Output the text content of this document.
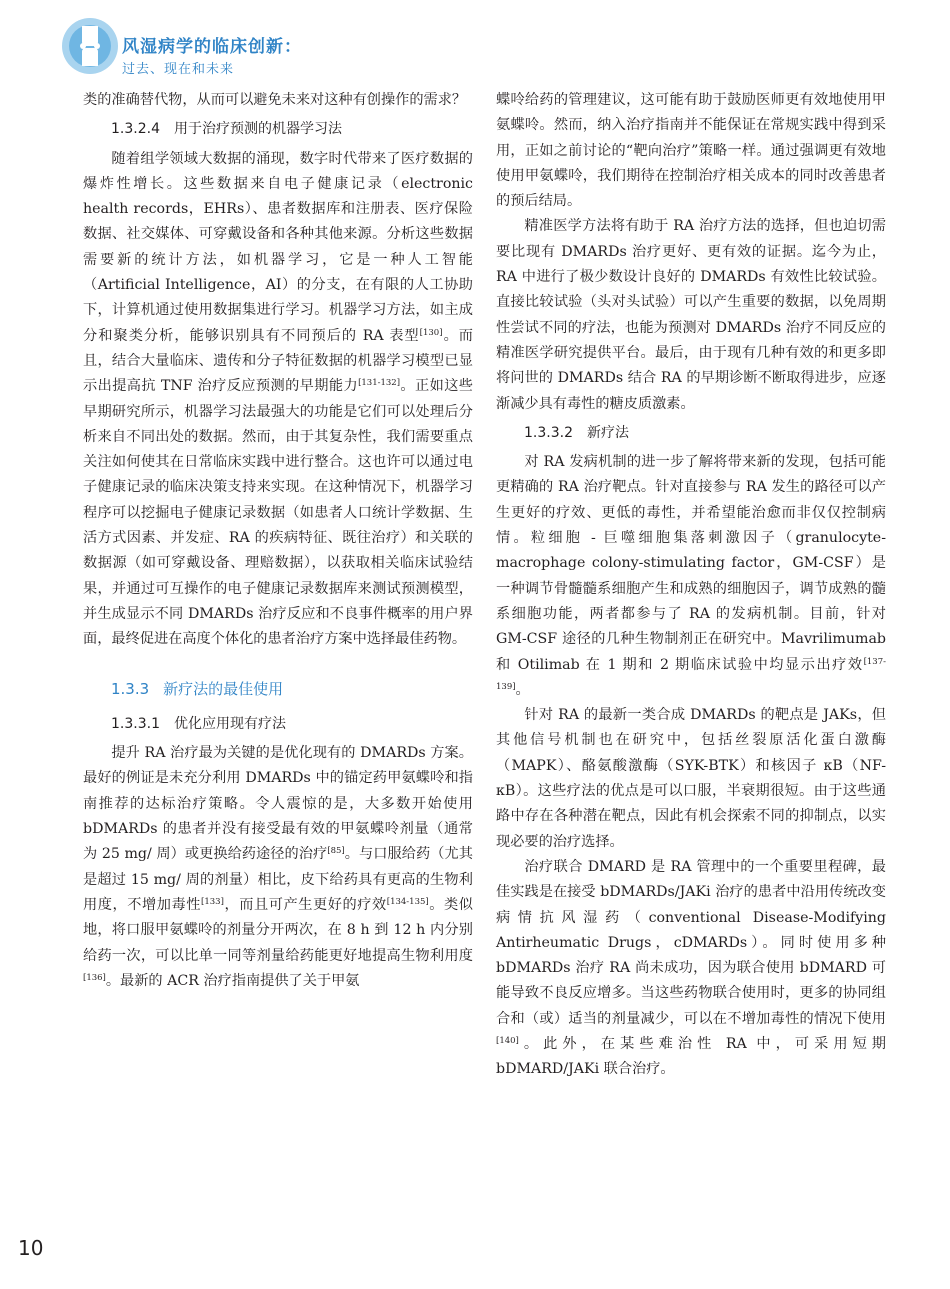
风湿病学的临床创新：

过去、现在和未来

类的准确替代物，从而可以避免未来对这种有创操作的需求？

1.3.2.4 用于治疗预测的机器学习法

随着组学领域大数据的涌现，数字时代带来了医疗数据的爆炸性增长。这些数据来自电子健康记录（electronic health records，EHRs）、患者数据库和注册表、医疗保险数据、社交媒体、可穿戴设备和各种其他来源。分析这些数据需要新的统计方法，如机器学习，它是一种人工智能（Artificial Intelligence，AI）的分支，在有限的人工协助下，计算机通过使用数据集进行学习。机器学习方法，如主成分和聚类分析，能够识别具有不同预后的 RA 表型[130]。而且，结合大量临床、遗传和分子特征数据的机器学习模型已显示出提高抗 TNF 治疗反应预测的早期能力[131-132]。正如这些早期研究所示，机器学习法最强大的功能是它们可以处理后分析来自不同出处的数据。然而，由于其复杂性，我们需要重点关注如何使其在日常临床实践中进行整合。这也许可以通过电子健康记录的临床决策支持来实现。在这种情况下，机器学习程序可以挖掘电子健康记录数据（如患者人口统计学数据、生活方式因素、并发症、RA 的疾病特征、既往治疗）和关联的数据源（如可穿戴设备、理赔数据），以获取相关临床试验结果，并通过可互操作的电子健康记录数据库来测试预测模型，并生成显示不同 DMARDs 治疗反应和不良事件概率的用户界面，最终促进在高度个体化的患者治疗方案中选择最佳药物。

1.3.3 新疗法的最佳使用
1.3.3.1 优化应用现有疗法

提升 RA 治疗最为关键的是优化现有的 DMARDs 方案。最好的例证是未充分利用 DMARDs 中的锚定药甲氨蝶呤和指南推荐的达标治疗策略。令人震惊的是，大多数开始使用 bDMARDs 的患者并没有接受最有效的甲氨蝶呤剂量（通常为 25 mg/ 周）或更换给药途径的治疗[85]。与口服给药（尤其是超过 15 mg/ 周的剂量）相比，皮下给药具有更高的生物利用度，不增加毒性[133]，而且可产生更好的疗效[134-135]。类似地，将口服甲氨蝶呤的剂量分开两次，在 8 h 到 12 h 内分别给药一次，可以比单一同等剂量给药能更好地提高生物利用度[136]。最新的 ACR 治疗指南提供了关于甲氨

蝶呤给药的管理建议，这可能有助于鼓励医师更有效地使用甲氨蝶呤。然而，纳入治疗指南并不能保证在常规实践中得到采用，正如之前讨论的“靶向治疗”策略一样。通过强调更有效地使用甲氨蝶呤，我们期待在控制治疗相关成本的同时改善患者的预后结局。

精准医学方法将有助于 RA 治疗方法的选择，但也迫切需要比现有 DMARDs 治疗更好、更有效的证据。迄今为止，RA 中进行了极少数设计良好的 DMARDs 有效性比较试验。直接比较试验（头对头试验）可以产生重要的数据，以免周期性尝试不同的疗法，也能为预测对 DMARDs 治疗不同反应的精准医学研究提供平台。最后，由于现有几种有效的和更多即将问世的 DMARDs 结合 RA 的早期诊断不断取得进步，应逐渐减少具有毒性的糖皮质激素。

1.3.3.2 新疗法

对 RA 发病机制的进一步了解将带来新的发现，包括可能更精确的 RA 治疗靶点。针对直接参与 RA 发生的路径可以产生更好的疗效、更低的毒性，并希望能治愈而非仅仅控制病情。粒细胞 - 巨噬细胞集落刺激因子（granulocyte-macrophage colony-stimulating factor，GM-CSF）是一种调节骨髓髓系细胞产生和成熟的细胞因子，调节成熟的髓系细胞功能，两者都参与了 RA 的发病机制。目前，针对 GM-CSF 途径的几种生物制剂正在研究中。Mavrilimumab 和 Otilimab 在 1 期和 2 期临床试验中均显示出疗效[137-139]。

针对 RA 的最新一类合成 DMARDs 的靶点是 JAKs，但其他信号机制也在研究中，包括丝裂原活化蛋白激酶（MAPK）、酪氨酸激酶（SYK-BTK）和核因子 κB（NF-κB）。这些疗法的优点是可以口服，半衰期很短。由于这些通路中存在各种潜在靶点，因此有机会探索不同的抑制点，以实现必要的治疗选择。

治疗联合 DMARD 是 RA 管理中的一个重要里程碑，最佳实践是在接受 bDMARDs/JAKi 治疗的患者中沿用传统改变病情抗风湿药（conventional Disease-Modifying Antirheumatic Drugs，cDMARDs）。同时使用多种 bDMARDs 治疗 RA 尚未成功，因为联合使用 bDMARD 可能导致不良反应增多。当这些药物联合使用时，更多的协同组合和（或）适当的剂量减少，可以在不增加毒性的情况下使用[140]。此外，在某些难治性 RA 中，可采用短期 bDMARD/JAKi 联合治疗。

10
